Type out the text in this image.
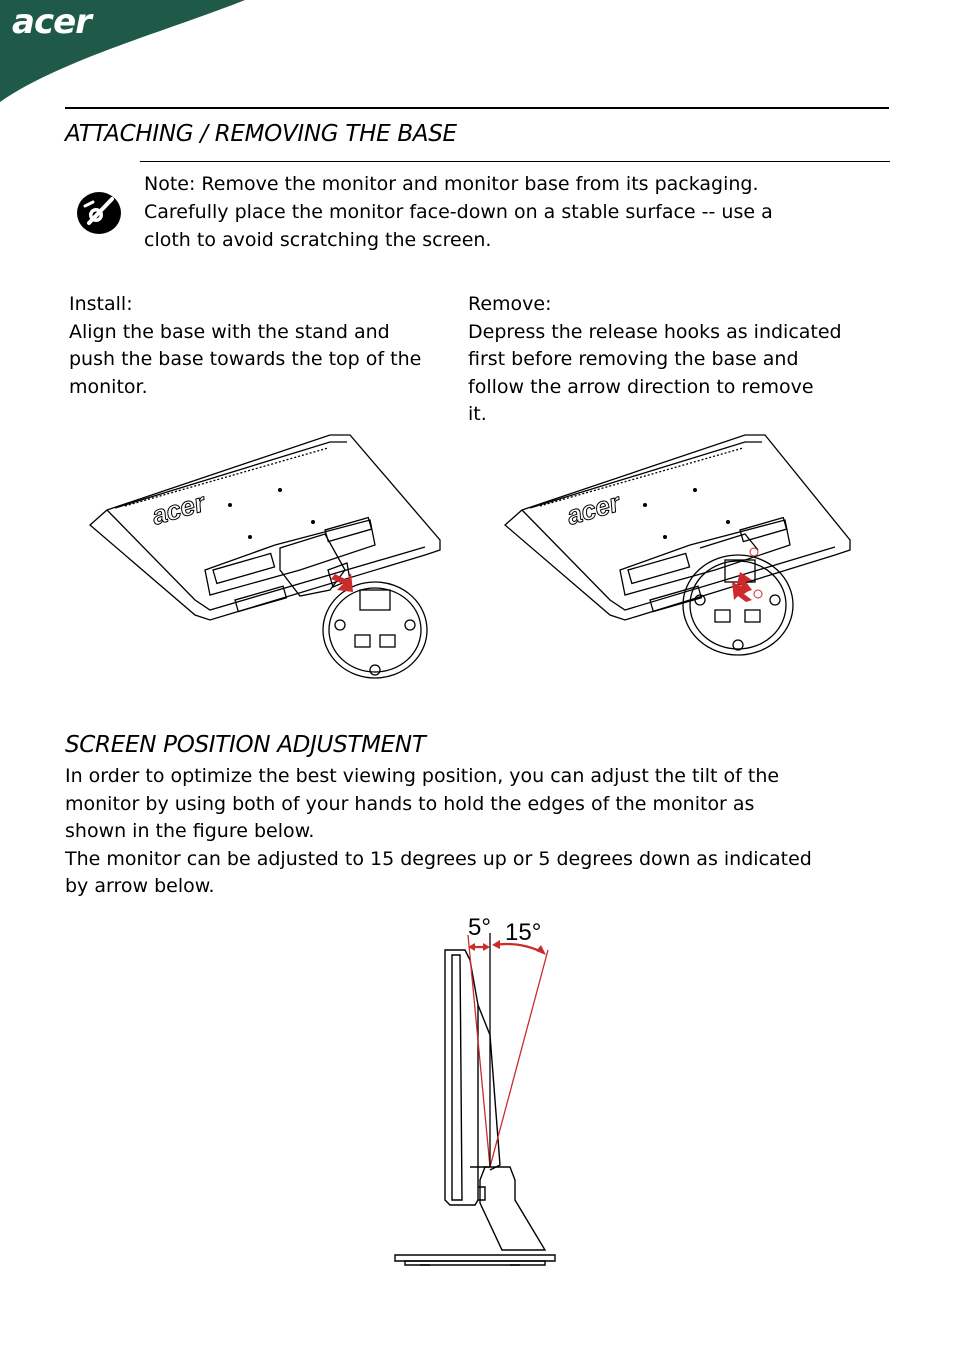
acer
ATTACHING / REMOVING THE BASE
Note: Remove the monitor and monitor base from its packaging.
Carefully place the monitor face-down on a stable surface -- use a
cloth to avoid scratching the screen.
Install:
Align the base with the stand and
push the base towards the top of the
monitor.
Remove:
Depress the release hooks as indicated
first before removing the base and
follow the arrow direction to remove
it.
acer	acer
SCREEN POSITION ADJUSTMENT
In order to optimize the best viewing position, you can adjust the tilt of the
monitor by using both of your hands to hold the edges of the monitor as
shown in the figure below.
The monitor can be adjusted to 15 degrees up or 5 degrees down as indicated
by arrow below.
5° 15°
